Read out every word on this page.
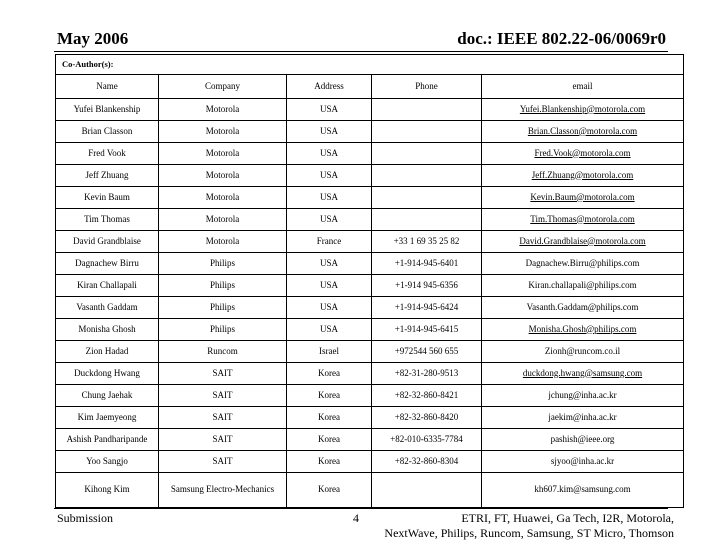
May 2006	doc.: IEEE 802.22-06/0069r0
Co-Author(s):				
Name	Company	Address	Phone	email
Yufei Blankenship	Motorola	USA		Yufei.Blankenship@motorola.com
Brian Classon	Motorola	USA		Brian.Classon@motorola.com
Fred Vook	Motorola	USA		Fred.Vook@motorola.com
Jeff Zhuang	Motorola	USA		Jeff.Zhuang@motorola.com
Kevin Baum	Motorola	USA		Kevin.Baum@motorola.com
Tim Thomas	Motorola	USA		Tim.Thomas@motorola.com
David Grandblaise	Motorola	France	+33 1 69 35 25 82	David.Grandblaise@motorola.com
Dagnachew Birru	Philips	USA	+1-914-945-6401	Dagnachew.Birru@philips.com
Kiran Challapali	Philips	USA	+1-914 945-6356	Kiran.challapali@philips.com
Vasanth Gaddam	Philips	USA	+1-914-945-6424	Vasanth.Gaddam@philips.com
Monisha Ghosh	Philips	USA	+1-914-945-6415	Monisha.Ghosh@philips.com
Zion Hadad	Runcom	Israel	+972544 560 655	Zionh@runcom.co.il
Duckdong Hwang	SAIT	Korea	+82-31-280-9513	duckdong.hwang@samsung.com
Chung Jaehak	SAIT	Korea	+82-32-860-8421	jchung@inha.ac.kr
Kim Jaemyeong	SAIT	Korea	+82-32-860-8420	jaekim@inha.ac.kr
Ashish Pandharipande	SAIT	Korea	+82-010-6335-7784	pashish@ieee.org
Yoo Sangjo	SAIT	Korea	+82-32-860-8304	sjyoo@inha.ac.kr
Kihong Kim	Samsung Electro-Mechanics	Korea		kh607.kim@samsung.com
Submission	4	ETRI, FT, Huawei, Ga Tech, I2R, Motorola,
NextWave, Philips, Runcom, Samsung, ST Micro, Thomson
